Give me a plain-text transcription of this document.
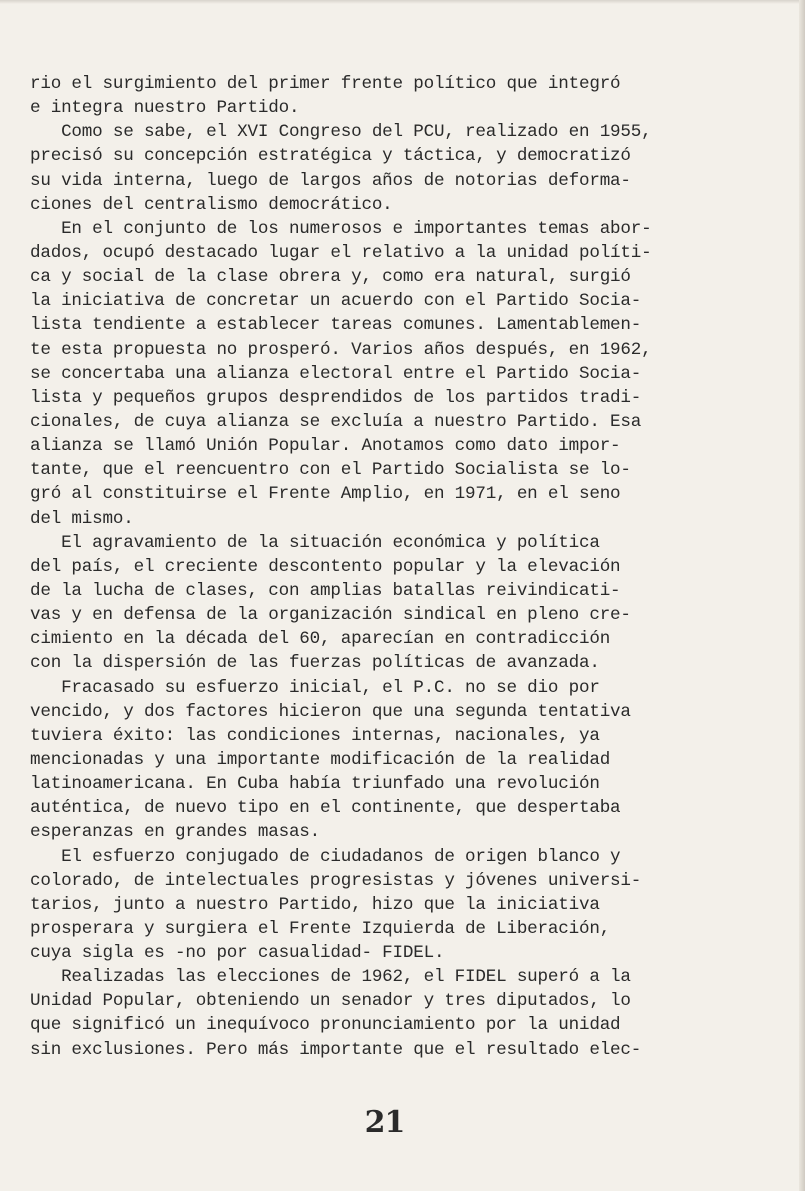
rio el surgimiento del primer frente político que integró
e integra nuestro Partido.
Como se sabe, el XVI Congreso del PCU, realizado en 1955,
precisó su concepción estratégica y táctica, y democratizó
su vida interna, luego de largos años de notorias deforma-
ciones del centralismo democrático.
En el conjunto de los numerosos e importantes temas abor-
dados, ocupó destacado lugar el relativo a la unidad políti-
ca y social de la clase obrera y, como era natural, surgió
la iniciativa de concretar un acuerdo con el Partido Socia-
lista tendiente a establecer tareas comunes. Lamentablemen-
te esta propuesta no prosperó. Varios años después, en 1962,
se concertaba una alianza electoral entre el Partido Socia-
lista y pequeños grupos desprendidos de los partidos tradi-
cionales, de cuya alianza se excluía a nuestro Partido. Esa
alianza se llamó Unión Popular. Anotamos como dato impor-
tante, que el reencuentro con el Partido Socialista se lo-
gró al constituirse el Frente Amplio, en 1971, en el seno
del mismo.
El agravamiento de la situación económica y política
del país, el creciente descontento popular y la elevación
de la lucha de clases, con amplias batallas reivindicati-
vas y en defensa de la organización sindical en pleno cre-
cimiento en la década del 60, aparecían en contradicción
con la dispersión de las fuerzas políticas de avanzada.
Fracasado su esfuerzo inicial, el P.C. no se dio por
vencido, y dos factores hicieron que una segunda tentativa
tuviera éxito: las condiciones internas, nacionales, ya
mencionadas y una importante modificación de la realidad
latinoamericana. En Cuba había triunfado una revolución
auténtica, de nuevo tipo en el continente, que despertaba
esperanzas en grandes masas.
El esfuerzo conjugado de ciudadanos de origen blanco y
colorado, de intelectuales progresistas y jóvenes universi-
tarios, junto a nuestro Partido, hizo que la iniciativa
prosperara y surgiera el Frente Izquierda de Liberación,
cuya sigla es -no por casualidad- FIDEL.
Realizadas las elecciones de 1962, el FIDEL superó a la
Unidad Popular, obteniendo un senador y tres diputados, lo
que significó un inequívoco pronunciamiento por la unidad
sin exclusiones. Pero más importante que el resultado elec-
21
